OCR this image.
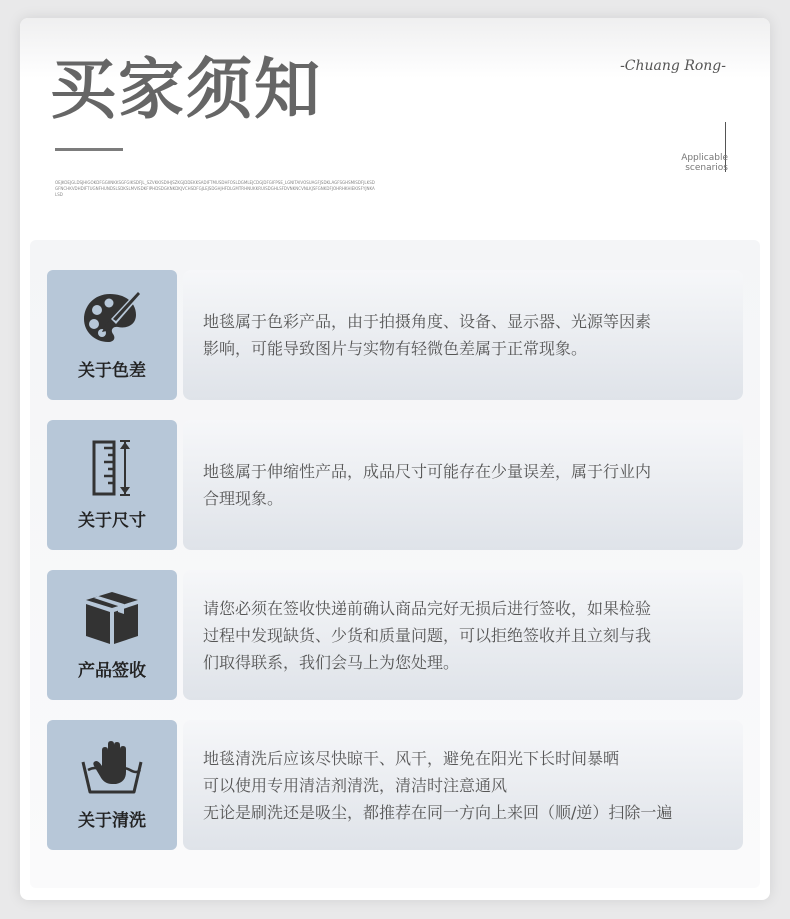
买家须知	-Chuang Rong-
Applicable
scenarios
OEJKOEJGLDSJHIGOKDFGGIINKKSGFGIKSDFJL_SZVKKISDIHJSZKGJDDEKKSADIFTMUSDHFOSLDGMLEJCDGJDFGIFPSE_LGNITAIVOSUAGFJSDKLAGFSGHSMISDFJLKSDGFNCHKVDHDIFTUGNFHUNDSLSDKSLMVISDKFIPHDSDGKNKDKJVCHSDFGJLEJSDGHJHFDLGMTRHNUKKRUISDGHLSFDVNKNCVNLKJSFGNKDFJOHRHKHIEKISFYJNKALSD
关于色差
地毯属于色彩产品，由于拍摄角度、设备、显示器、光源等因素
影响，可能导致图片与实物有轻微色差属于正常现象。
关于尺寸
地毯属于伸缩性产品，成品尺寸可能存在少量误差，属于行业内
合理现象。
产品签收
请您必须在签收快递前确认商品完好无损后进行签收，如果检验
过程中发现缺货、少货和质量问题，可以拒绝签收并且立刻与我
们取得联系，我们会马上为您处理。
关于清洗
地毯清洗后应该尽快晾干、风干，避免在阳光下长时间暴晒
可以使用专用清洁剂清洗，清洁时注意通风
无论是刷洗还是吸尘，都推荐在同一方向上来回（顺/逆）扫除一遍
